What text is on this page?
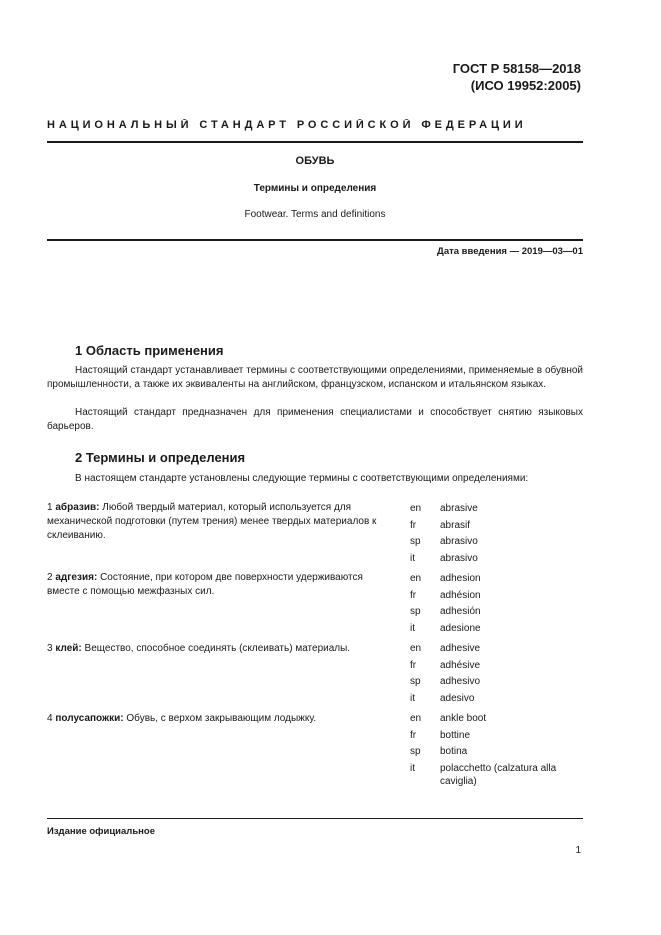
ГОСТ Р 58158—2018
(ИСО 19952:2005)
НАЦИОНАЛЬНЫЙ СТАНДАРТ РОССИЙСКОЙ ФЕДЕРАЦИИ
ОБУВЬ
Термины и определения
Footwear. Terms and definitions
Дата введения — 2019—03—01
1 Область применения

Настоящий стандарт устанавливает термины с соответствующими определениями, применяемые в обувной промышленности, а также их эквиваленты на английском, французском, испанском и итальянском языках.

Настоящий стандарт предназначен для применения специалистами и способствует снятию языковых барьеров.

2 Термины и определения

В настоящем стандарте установлены следующие термины с соответствующими определениями:

1 абразив: Любой твердый материал, который используется для механической подготовки (путем трения) менее твердых материалов к склеиванию.

en	abrasive
fr	abrasif
sp	abrasivo
it	abrasivo

2 адгезия: Состояние, при котором две поверхности удерживаются вместе с помощью межфазных сил.

en	adhesion
fr	adhésion
sp	adhesión
it	adesione

3 клей: Вещество, способное соединять (склеивать) материалы.	en	adhesive
fr	adhésive
sp	adhesivo
it	adesivo

4 полусапожки: Обувь, с верхом закрывающим лодыжку.	en	ankle boot
fr	bottine
sp	botina
it	polacchetto (calzatura alla caviglia)
Издание официальное
1
